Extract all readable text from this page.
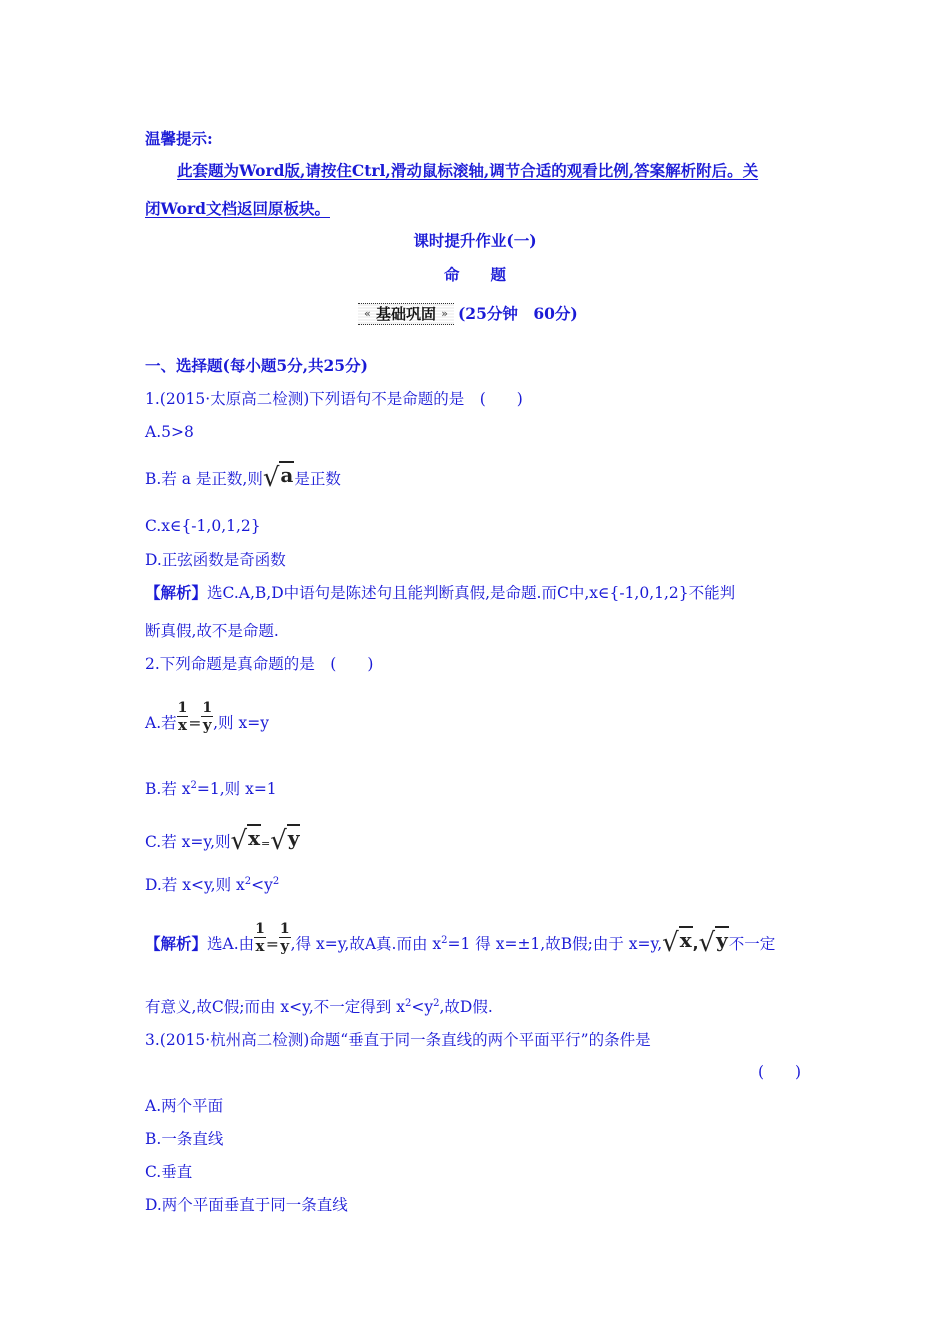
温馨提示:
此套题为Word版,请按住Ctrl,滑动鼠标滚轴,调节合适的观看比例,答案解析附后。关
闭Word文档返回原板块。
课时提升作业(一)
命　　题
« 基础巩固 » (25分钟　60分)
一、选择题(每小题5分,共25分)
1.(2015·太原高二检测)下列语句不是命题的是　(　　)
A.5>8
B.若 a 是正数,则√a是正数
C.x∈{-1,0,1,2}
D.正弦函数是奇函数
【解析】选C.A,B,D中语句是陈述句且能判断真假,是命题.而C中,x∈{-1,0,1,2}不能判
断真假,故不是命题.
2.下列命题是真命题的是　(　　)
A.若 $\frac{1}{x} = \frac{1}{y}$ ,则 x=y
B.若 $x^2=1$,则 x=1
C.若 x=y,则√x=√y
D.若 x<y,则 $x^2<y^2$
【解析】选A.由 $\frac{1}{x} = \frac{1}{y}$ ,得 x=y,故A真.而由 $x^2=1$ 得 x=±1,故B假;由于 x=y,√x,√y不一定
有意义,故C假;而由 x<y,不一定得到 $x^2<y^2$,故D假.
3.(2015·杭州高二检测)命题“垂直于同一条直线的两个平面平行”的条件是
(　　)
A.两个平面
B.一条直线
C.垂直
D.两个平面垂直于同一条直线
